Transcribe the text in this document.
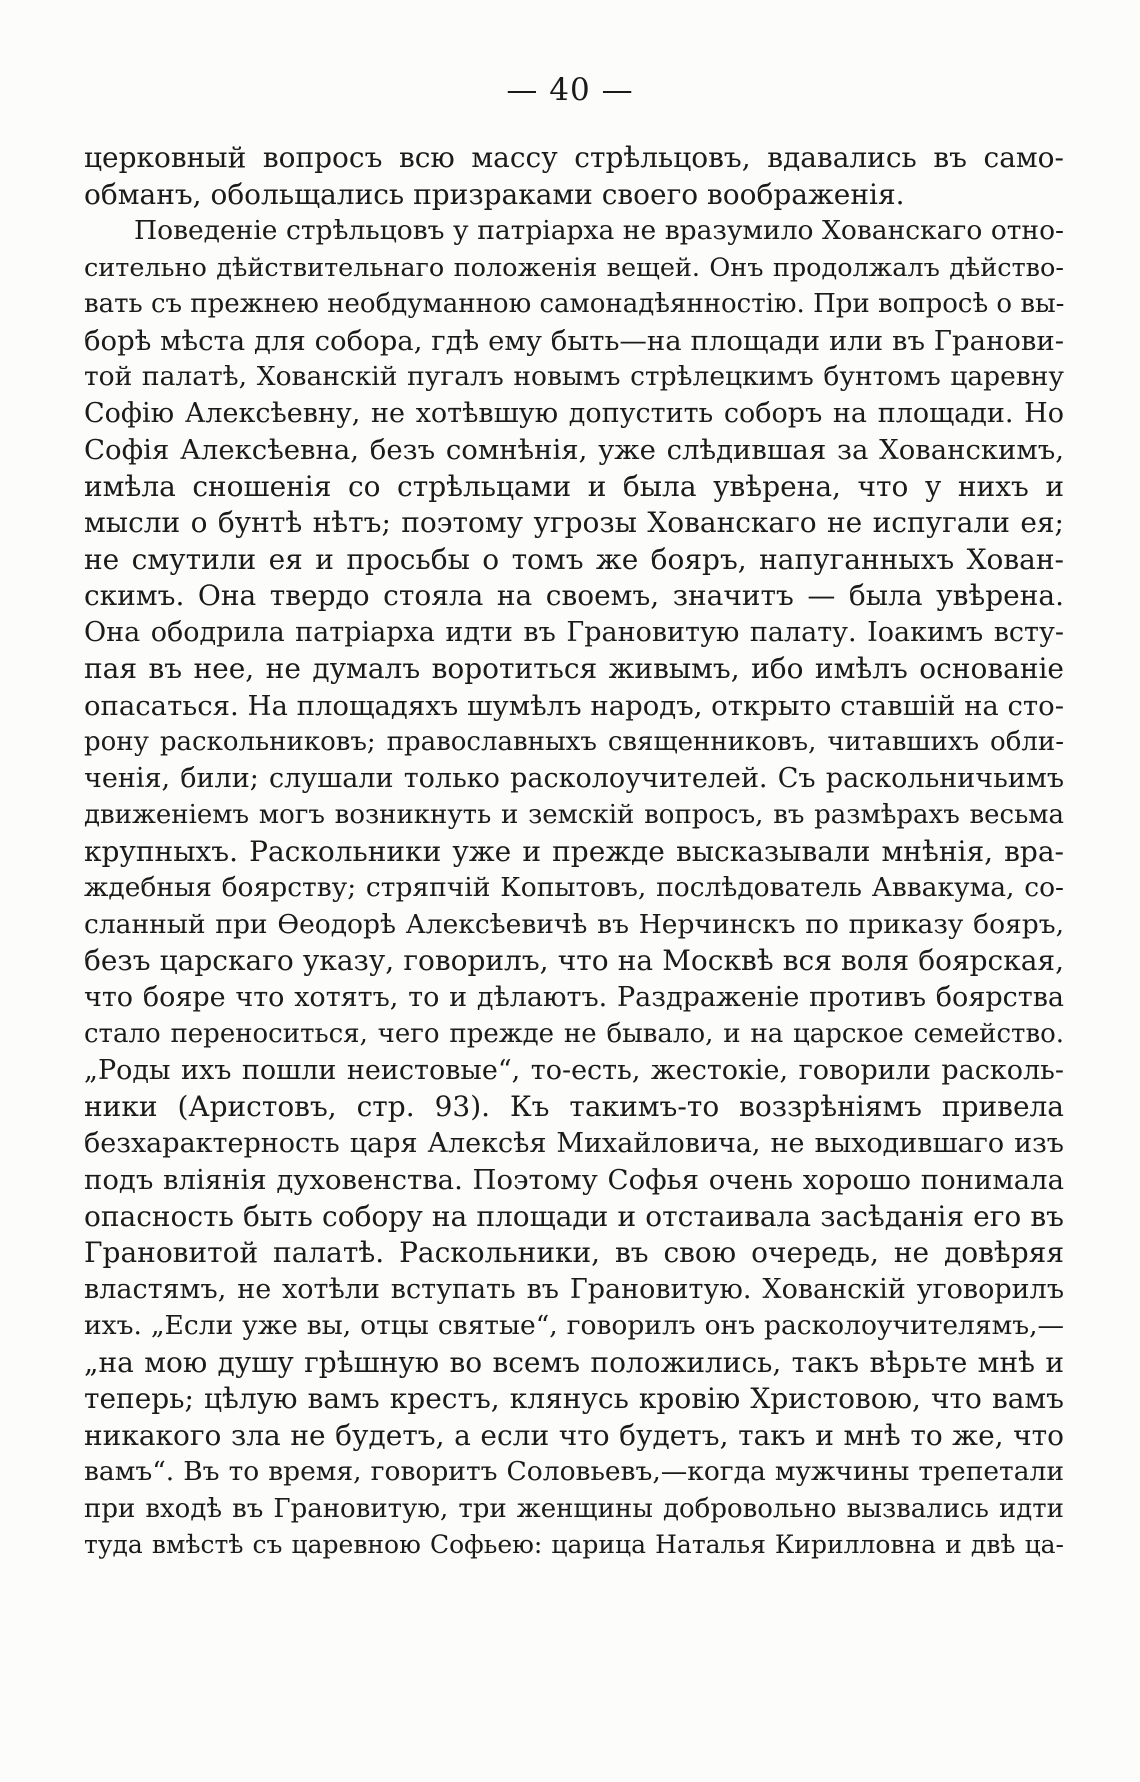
— 40 —
церковный вопросъ всю массу стрѣльцовъ, вдавались въ само-
обманъ, обольщались призраками своего воображенія.
Поведеніе стрѣльцовъ у патріарха не вразумило Хованскаго отно-
сительно дѣйствительнаго положенія вещей. Онъ продолжалъ дѣйство-
вать съ прежнею необдуманною самонадѣянностію. При вопросѣ о вы-
борѣ мѣста для собора, гдѣ ему быть—на площади или въ Гранови-
той палатѣ, Хованскій пугалъ новымъ стрѣлецкимъ бунтомъ царевну
Софію Алексѣевну, не хотѣвшую допустить соборъ на площади. Но
Софія Алексѣевна, безъ сомнѣнія, уже слѣдившая за Хованскимъ,
имѣла сношенія со стрѣльцами и была увѣрена, что у нихъ и
мысли о бунтѣ нѣтъ; поэтому угрозы Хованскаго не испугали ея;
не смутили ея и просьбы о томъ же бояръ, напуганныхъ Хован-
скимъ. Она твердо стояла на своемъ, значитъ — была увѣрена.
Она ободрила патріарха идти въ Грановитую палату. Іоакимъ всту-
пая въ нее, не думалъ воротиться живымъ, ибо имѣлъ основаніе
опасаться. На площадяхъ шумѣлъ народъ, открыто ставшій на сто-
рону раскольниковъ; православныхъ священниковъ, читавшихъ обли-
ченія, били; слушали только расколоучителей. Съ раскольничьимъ
движеніемъ могъ возникнуть и земскій вопросъ, въ размѣрахъ весьма
крупныхъ. Раскольники уже и прежде высказывали мнѣнія, вра-
ждебныя боярству; стряпчій Копытовъ, послѣдователь Аввакума, со-
сланный при Ѳеодорѣ Алексѣевичѣ въ Нерчинскъ по приказу бояръ,
безъ царскаго указу, говорилъ, что на Москвѣ вся воля боярская,
что бояре что хотятъ, то и дѣлаютъ. Раздраженіе противъ боярства
стало переноситься, чего прежде не бывало, и на царское семейство.
„Роды ихъ пошли неистовые“, то-есть, жестокіе, говорили расколь-
ники (Аристовъ, стр. 93). Къ такимъ-то воззрѣніямъ привела
безхарактерность царя Алексѣя Михайловича, не выходившаго изъ
подъ вліянія духовенства. Поэтому Софья очень хорошо понимала
опасность быть собору на площади и отстаивала засѣданія его въ
Грановитой палатѣ. Раскольники, въ свою очередь, не довѣряя
властямъ, не хотѣли вступать въ Грановитую. Хованскій уговорилъ
ихъ. „Если уже вы, отцы святые“, говорилъ онъ расколоучителямъ,—
„на мою душу грѣшную во всемъ положились, такъ вѣрьте мнѣ и
теперь; цѣлую вамъ крестъ, клянусь кровію Христовою, что вамъ
никакого зла не будетъ, а если что будетъ, такъ и мнѣ то же, что
вамъ“. Въ то время, говоритъ Соловьевъ,—когда мужчины трепетали
при входѣ въ Грановитую, три женщины добровольно вызвались идти
туда вмѣстѣ съ царевною Софьею: царица Наталья Кирилловна и двѣ ца-
